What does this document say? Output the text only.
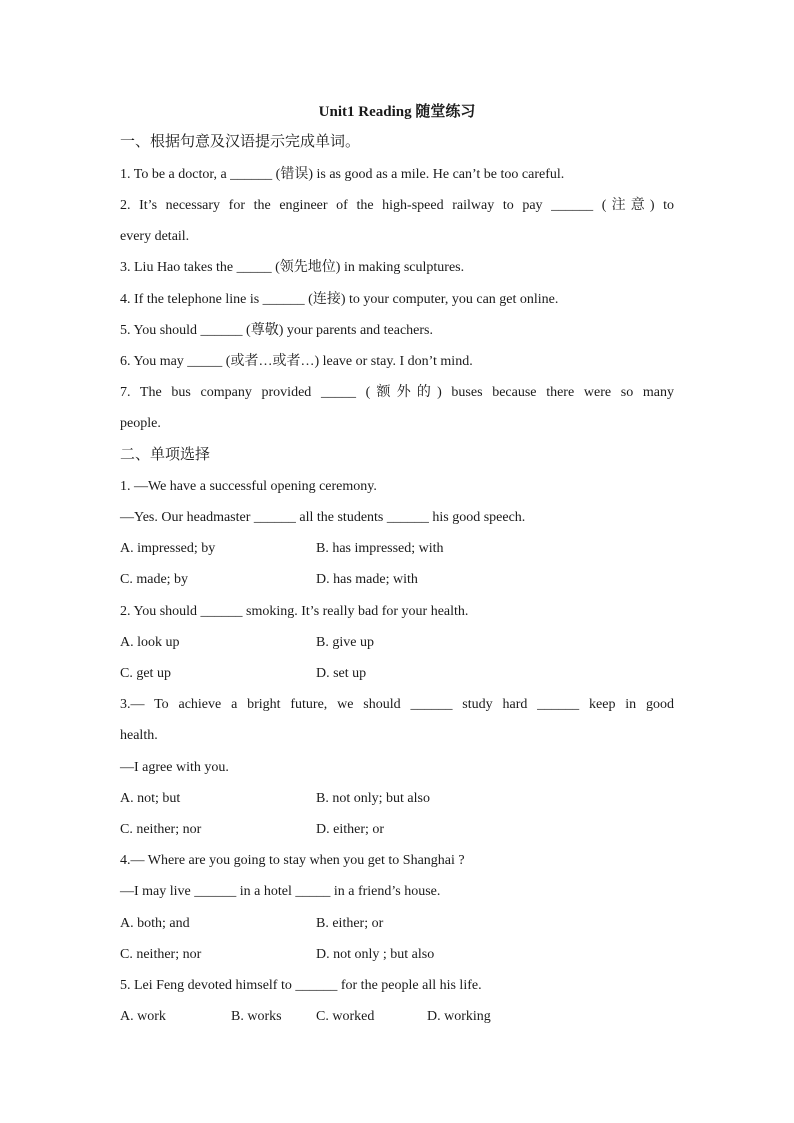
Unit1 Reading 随堂练习
一、根据句意及汉语提示完成单词。
1. To be a doctor, a ______ (错误) is as good as a mile. He can’t be too careful.
2. It’s necessary for the engineer of the high-speed railway to pay ______ (注意) to
every detail.
3. Liu Hao takes the _____ (领先地位) in making sculptures.
4. If the telephone line is ______ (连接) to your computer, you can get online.
5. You should ______ (尊敬) your parents and teachers.
6. You may _____ (或者…或者…) leave or stay. I don’t mind.
7. The bus company provided _____ (额外的) buses because there were so many
people.
二、单项选择
1. —We have a successful opening ceremony.
—Yes. Our headmaster ______ all the students ______ his good speech.
A. impressed; by	B. has impressed; with
C. made; by	D. has made; with
2. You should ______ smoking. It’s really bad for your health.
A. look up	B. give up
C. get up	D. set up
3.— To achieve a bright future, we should ______ study hard ______ keep in good
health.
—I agree with you.
A. not; but	B. not only; but also
C. neither; nor	D. either; or
4.— Where are you going to stay when you get to Shanghai ?
—I may live ______ in a hotel _____ in a friend’s house.
A. both; and	B. either; or
C. neither; nor	D. not only ; but also
5. Lei Feng devoted himself to ______ for the people all his life.
A. work	B. works C. worked	D. working
